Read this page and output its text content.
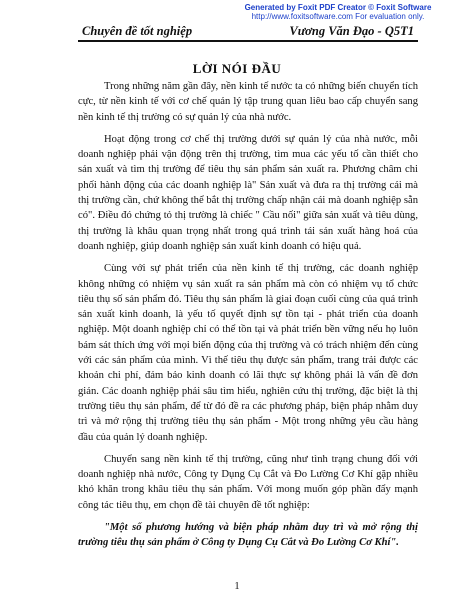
Generated by Foxit PDF Creator © Foxit Software
http://www.foxitsoftware.com For evaluation only.
Chuyên đề tốt nghiệp	Vương Văn Đạo - Q5T1
LỜI NÓI ĐẦU

Trong những năm gần đây, nền kinh tế nước ta có những biến chuyển tích cực, từ nền kinh tế với cơ chế quản lý tập trung quan liêu bao cấp chuyển sang nền kinh tế thị trường có sự quản lý của nhà nước.

Hoạt động trong cơ chế thị trường dưới sự quản lý của nhà nước, mỗi doanh nghiệp phải vận động trên thị trường, tìm mua các yếu tố cần thiết cho sản xuất và tìm thị trường để tiêu thụ sản phẩm sản xuất ra. Phương châm chi phối hành động của các doanh nghiệp là" Sản xuất và đưa ra thị trường cái mà thị trường cần, chứ không thể bắt thị trường chấp nhận cái mà doanh nghiệp sẵn có". Điều đó chứng tỏ thị trường là chiếc " Cầu nối" giữa sản xuất và tiêu dùng, thị trường là khâu quan trọng nhất trong quá trình tái sản xuất hàng hoá của doanh nghiệp, giúp doanh nghiệp sản xuất kinh doanh có hiệu quả.

Cùng với sự phát triển của nền kinh tế thị trường, các doanh nghiệp không những có nhiệm vụ sản xuất ra sản phẩm mà còn có nhiệm vụ tổ chức tiêu thụ số sản phẩm đó. Tiêu thụ sản phẩm là giai đoạn cuối cùng của quá trình sản xuất kinh doanh, là yếu tố quyết định sự tồn tại - phát triển của doanh nghiệp. Một doanh nghiệp chỉ có thể tồn tại và phát triển bền vững nếu họ luôn bám sát thích ứng với mọi biến động của thị trường và có trách nhiệm đến cùng với các sản phẩm của mình. Vì thế tiêu thụ được sản phẩm, trang trải được các khoản chi phí, đảm bảo kinh doanh có lãi thực sự không phải là vấn đề đơn giản. Các doanh nghiệp phải sâu tìm hiểu, nghiên cứu thị trường, đặc biệt là thị trường tiêu thụ sản phẩm, để từ đó đề ra các phương pháp, biện pháp nhằm duy trì và mở rộng thị trường tiêu thụ sản phẩm - Một trong những yêu cầu hàng đầu của quản lý doanh nghiệp.

Chuyển sang nền kinh tế thị trường, cũng như tình trạng chung đối với doanh nghiệp nhà nước, Công ty Dụng Cụ Cắt và Đo Lường Cơ Khí gặp nhiều khó khăn trong khâu tiêu thụ sản phẩm. Với mong muốn góp phần đẩy mạnh công tác tiêu thụ, em chọn đề tài chuyên đề tốt nghiệp:

"Một số phương hướng và biện pháp nhằm duy trì và mở rộng thị trường tiêu thụ sản phẩm ở Công ty Dụng Cụ Cắt và Đo Lường Cơ Khí".

1
